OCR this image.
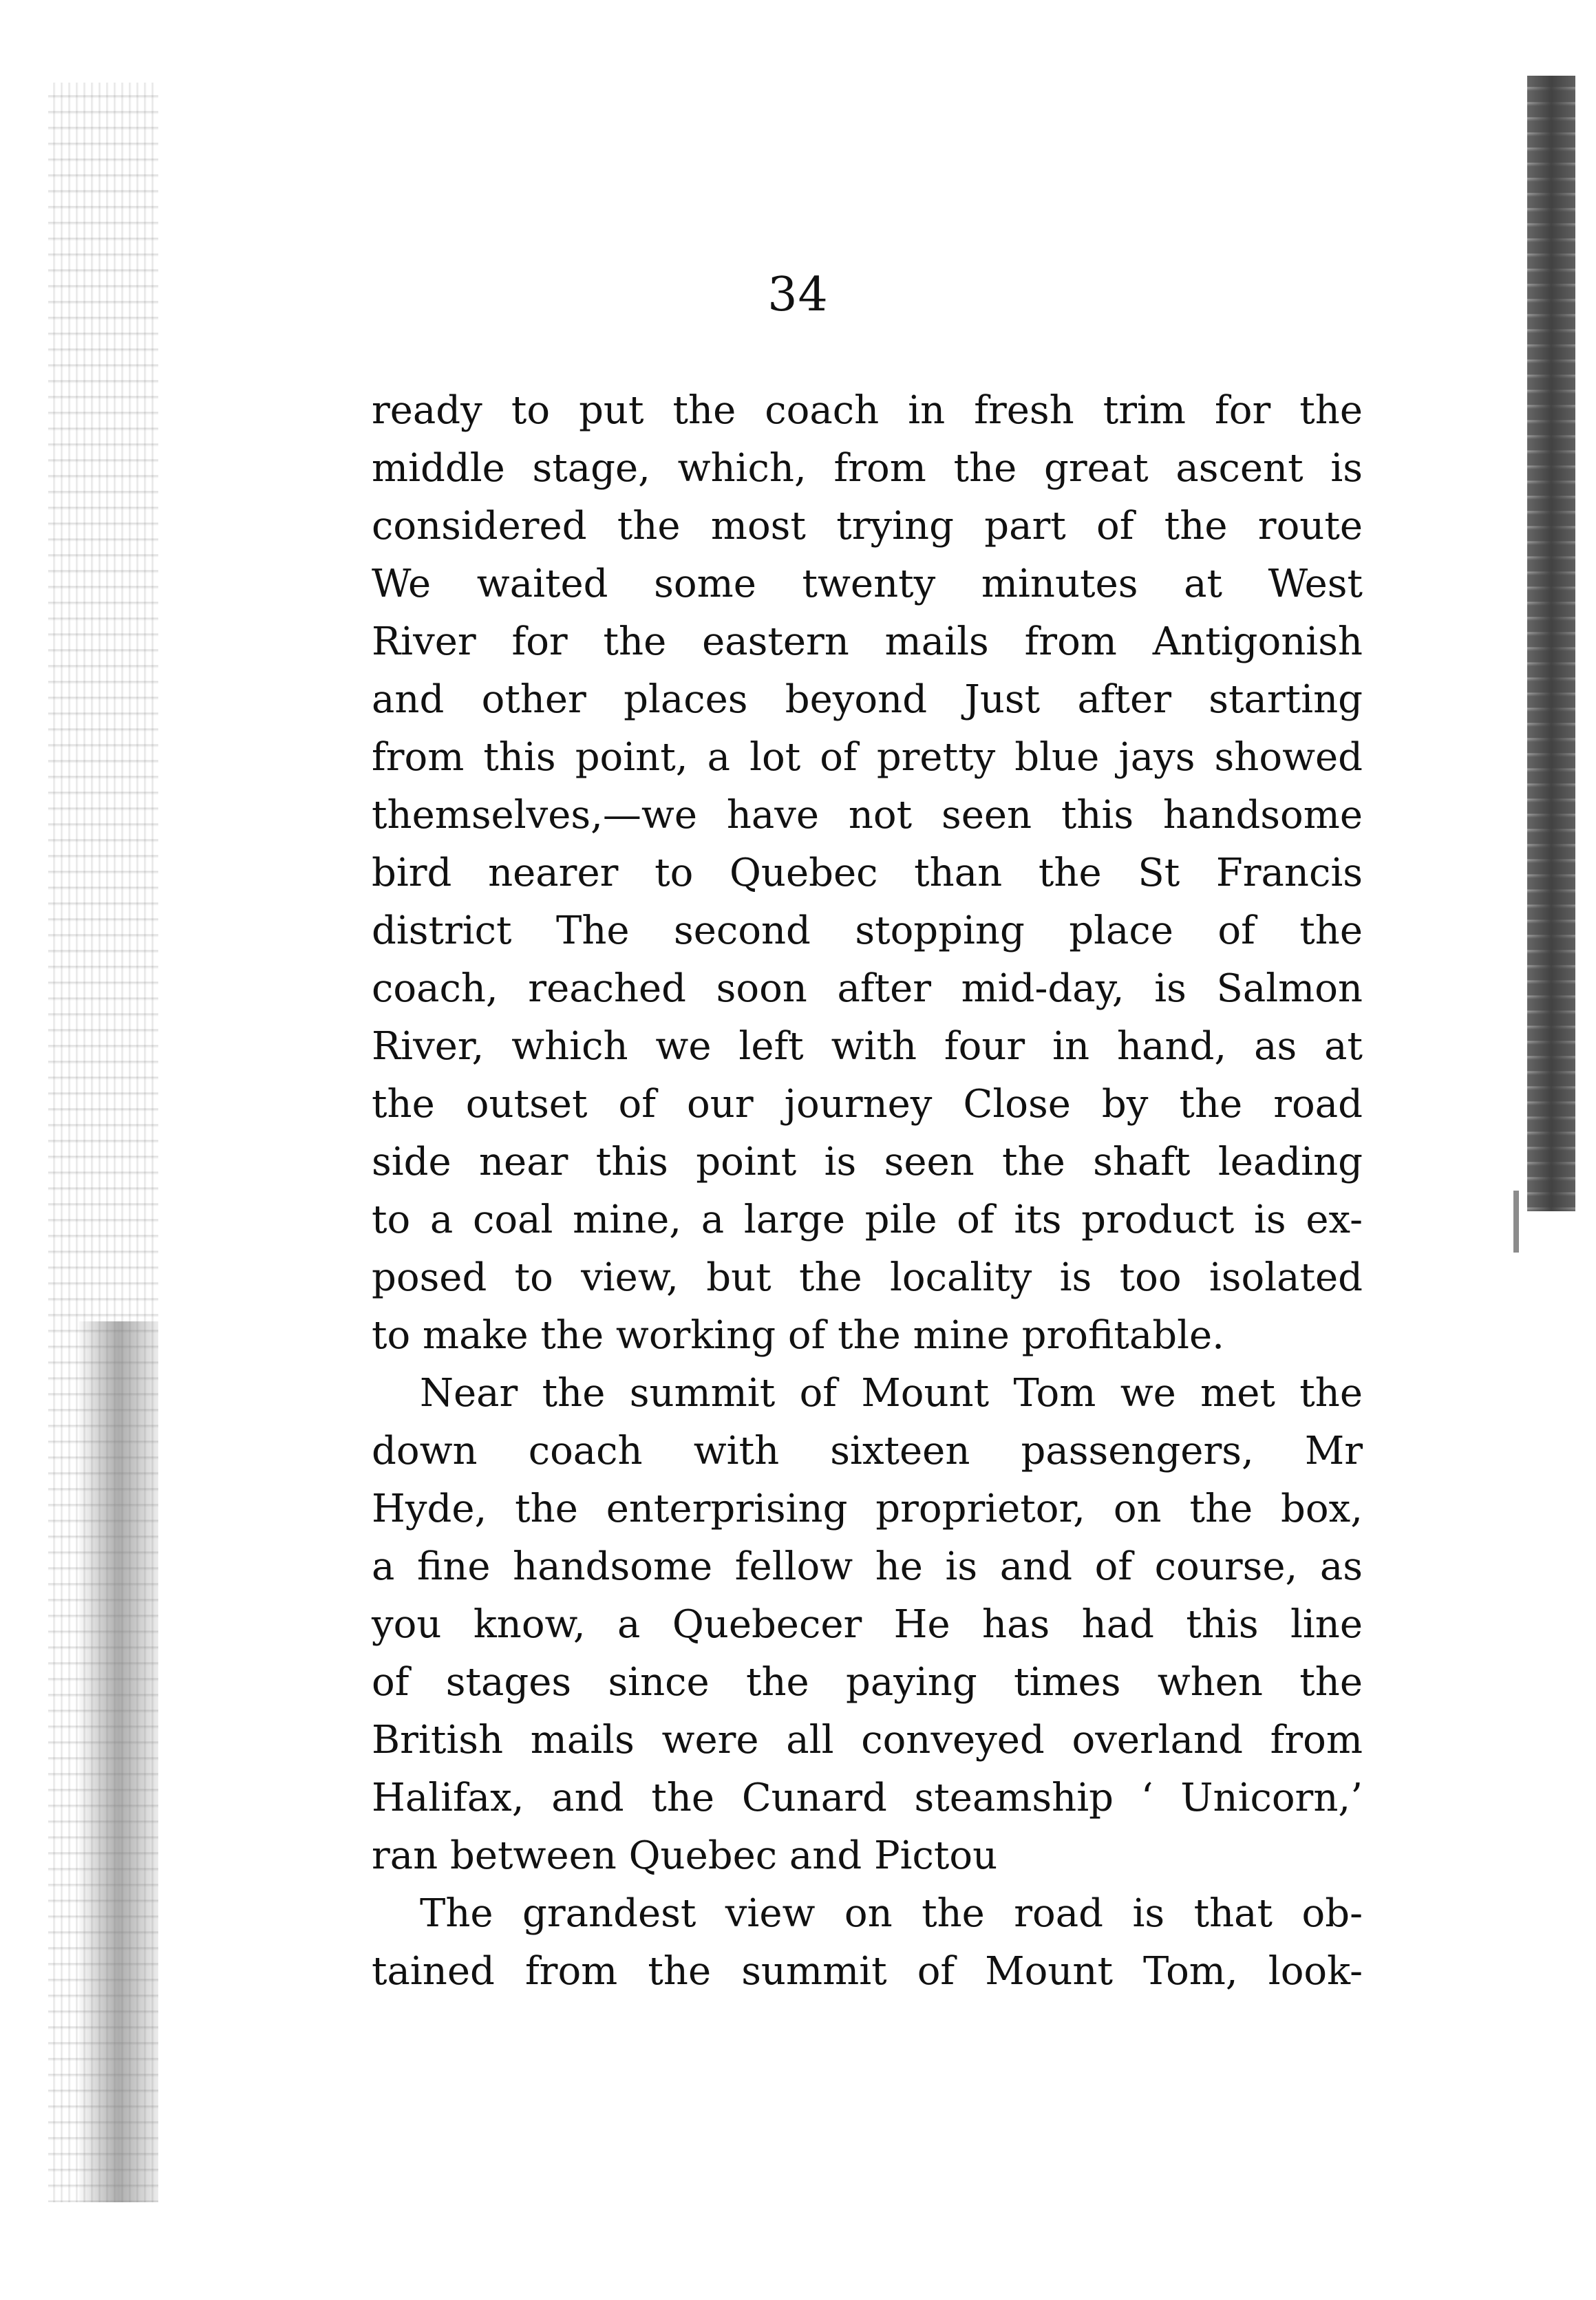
34
ready to put the coach in fresh trim for the
middle stage, which, from the great ascent is
considered the most trying part of the route
We waited some twenty minutes at West
River for the eastern mails from Antigonish
and other places beyond Just after starting
from this point, a lot of pretty blue jays showed
themselves,—we have not seen this handsome
bird nearer to Quebec than the St Francis
district The second stopping place of the
coach, reached soon after mid-day, is Salmon
River, which we left with four in hand, as at
the outset of our journey Close by the road
side near this point is seen the shaft leading
to a coal mine, a large pile of its product is ex-
posed to view, but the locality is too isolated
to make the working of the mine profitable.
Near the summit of Mount Tom we met the
down coach with sixteen passengers, Mr
Hyde, the enterprising proprietor, on the box,
a fine handsome fellow he is and of course, as
you know, a Quebecer He has had this line
of stages since the paying times when the
British mails were all conveyed overland from
Halifax, and the Cunard steamship ‘ Unicorn,’
ran between Quebec and Pictou
The grandest view on the road is that ob-
tained from the summit of Mount Tom, look-
